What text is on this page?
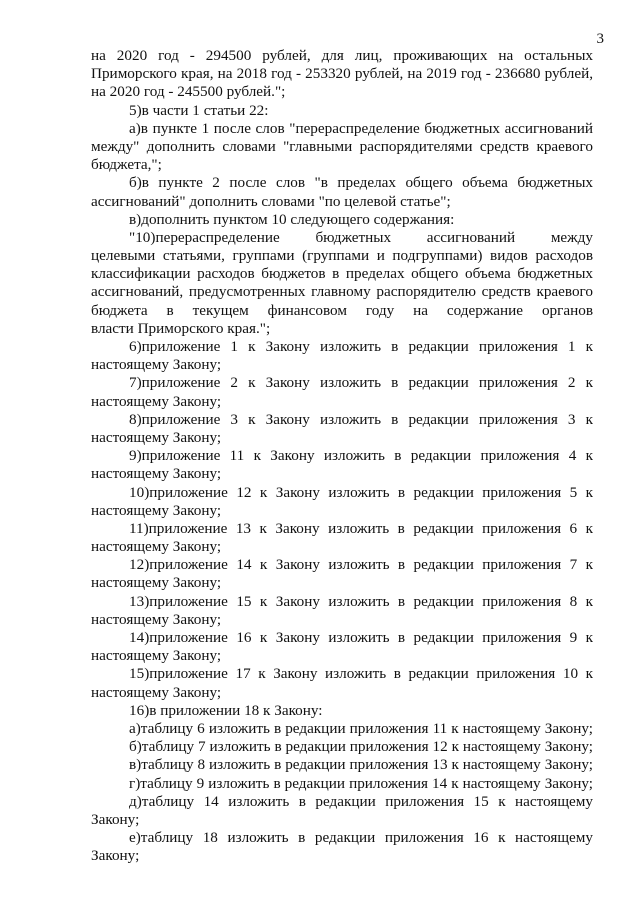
3
на 2020 год - 294500 рублей, для лиц, проживающих на остальных
Приморского края, на 2018 год - 253320 рублей, на 2019 год - 236680 рублей,
на 2020 год - 245500 рублей.";
5)в части 1 статьи 22:
а)в пункте 1 после слов "перераспределение бюджетных ассигнований
между" дополнить словами "главными распорядителями средств краевого
бюджета,";
б)в пункте 2 после слов "в пределах общего объема бюджетных
ассигнований" дополнить словами "по целевой статье";
в)дополнить пунктом 10 следующего содержания:
"10)перераспределение бюджетных ассигнований между
целевыми статьями, группами (группами и подгруппами) видов расходов
классификации расходов бюджетов в пределах общего объема бюджетных
ассигнований, предусмотренных главному распорядителю средств краевого
бюджета в текущем финансовом году на содержание органов
власти Приморского края.";
6)приложение 1 к Закону изложить в редакции приложения 1 к
настоящему Закону;
7)приложение 2 к Закону изложить в редакции приложения 2 к
настоящему Закону;
8)приложение 3 к Закону изложить в редакции приложения 3 к
настоящему Закону;
9)приложение 11 к Закону изложить в редакции приложения 4 к
настоящему Закону;
10)приложение 12 к Закону изложить в редакции приложения 5 к
настоящему Закону;
11)приложение 13 к Закону изложить в редакции приложения 6 к
настоящему Закону;
12)приложение 14 к Закону изложить в редакции приложения 7 к
настоящему Закону;
13)приложение 15 к Закону изложить в редакции приложения 8 к
настоящему Закону;
14)приложение 16 к Закону изложить в редакции приложения 9 к
настоящему Закону;
15)приложение 17 к Закону изложить в редакции приложения 10 к
настоящему Закону;
16)в приложении 18 к Закону:
а)таблицу 6 изложить в редакции приложения 11 к настоящему Закону;
б)таблицу 7 изложить в редакции приложения 12 к настоящему Закону;
в)таблицу 8 изложить в редакции приложения 13 к настоящему Закону;
г)таблицу 9 изложить в редакции приложения 14 к настоящему Закону;
д)таблицу 14 изложить в редакции приложения 15 к настоящему
Закону;
е)таблицу 18 изложить в редакции приложения 16 к настоящему
Закону;
